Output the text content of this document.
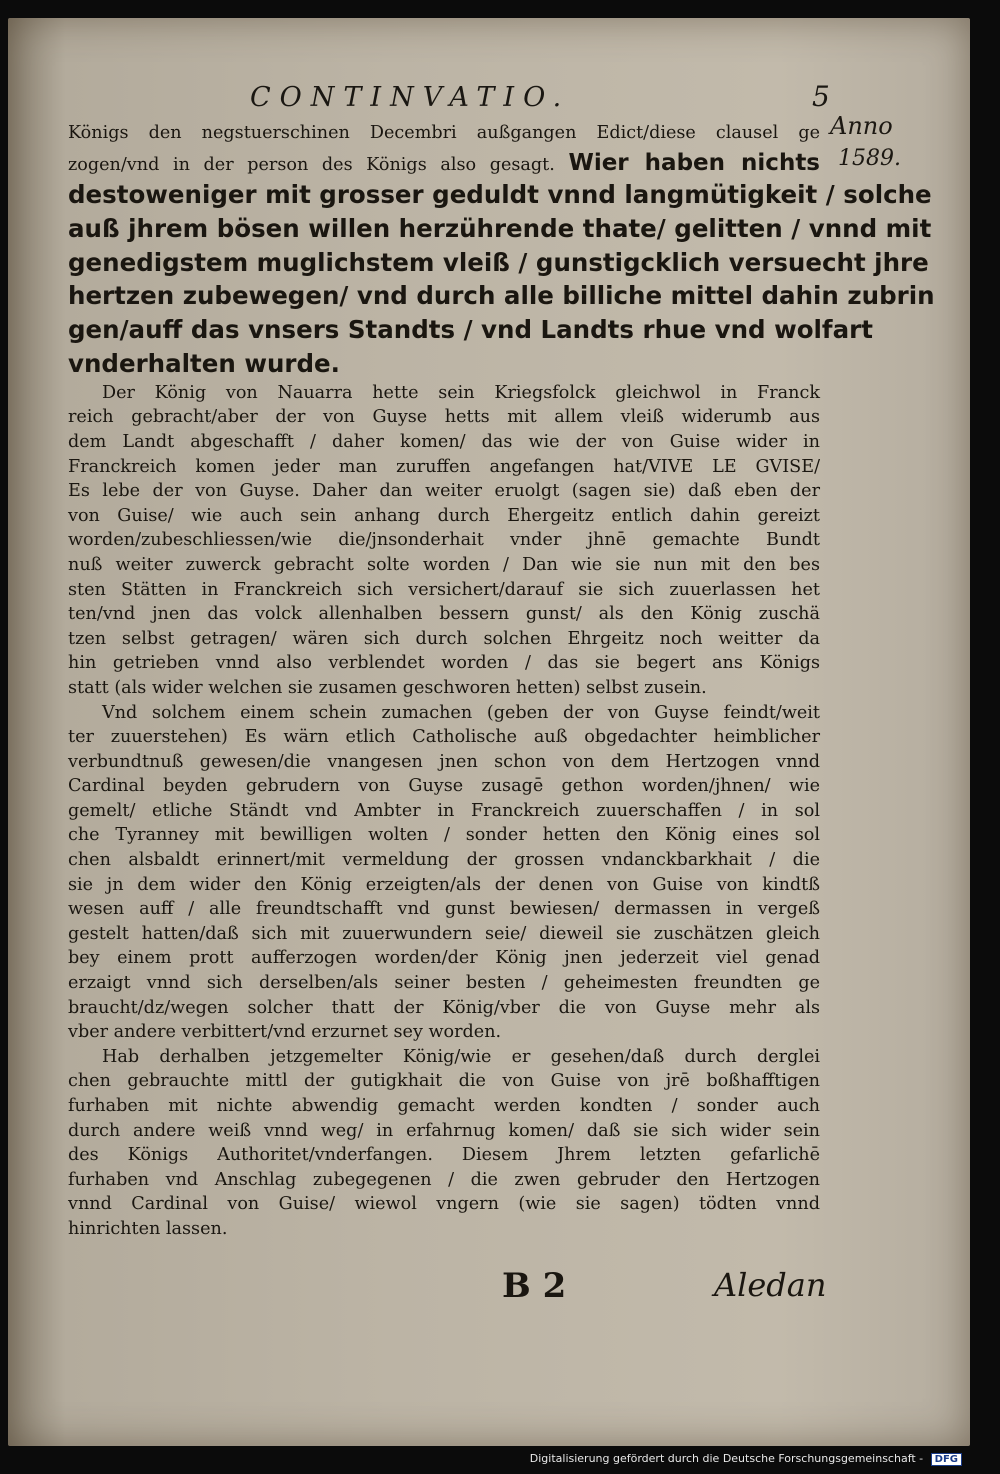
CONTINVATIO.	5
Anno
1589.
Königs den negstuerschinen Decembri außgangen Edict/diese clausel ge
zogen/vnd in der person des Königs also gesagt. Wier haben nichts
destoweniger mit grosser geduldt vnnd langmütigkeit / solche
auß jhrem bösen willen herzührende thate/ gelitten / vnnd mit
genedigstem muglichstem vleiß / gunstigcklich versuecht jhre
hertzen zubewegen/ vnd durch alle billiche mittel dahin zubrin
gen/auff das vnsers Standts / vnd Landts rhue vnd wolfart
vnderhalten wurde.
Der König von Nauarra hette sein Kriegsfolck gleichwol in Franck
reich gebracht/aber der von Guyse hetts mit allem vleiß widerumb aus
dem Landt abgeschafft / daher komen/ das wie der von Guise wider in
Franckreich komen jeder man zuruffen angefangen hat/VIVE LE GVISE/
Es lebe der von Guyse. Daher dan weiter eruolgt (sagen sie) daß eben der
von Guise/ wie auch sein anhang durch Ehergeitz entlich dahin gereizt
worden/zubeschliessen/wie die/jnsonderhait vnder jhnē gemachte Bundt
nuß weiter zuwerck gebracht solte worden / Dan wie sie nun mit den bes
sten Stätten in Franckreich sich versichert/darauf sie sich zuuerlassen het
ten/vnd jnen das volck allenhalben bessern gunst/ als den König zuschä
tzen selbst getragen/ wären sich durch solchen Ehrgeitz noch weitter da
hin getrieben vnnd also verblendet worden / das sie begert ans Königs
statt (als wider welchen sie zusamen geschworen hetten) selbst zusein.
Vnd solchem einem schein zumachen (geben der von Guyse feindt/weit
ter zuuerstehen) Es wärn etlich Catholische auß obgedachter heimblicher
verbundtnuß gewesen/die vnangesen jnen schon von dem Hertzogen vnnd
Cardinal beyden gebrudern von Guyse zusagē gethon worden/jhnen/ wie
gemelt/ etliche Ständt vnd Ambter in Franckreich zuuerschaffen / in sol
che Tyranney mit bewilligen wolten / sonder hetten den König eines sol
chen alsbaldt erinnert/mit vermeldung der grossen vndanckbarkhait / die
sie jn dem wider den König erzeigten/als der denen von Guise von kindtß
wesen auff / alle freundtschafft vnd gunst bewiesen/ dermassen in vergeß
gestelt hatten/daß sich mit zuuerwundern seie/ dieweil sie zuschätzen gleich
bey einem prott aufferzogen worden/der König jnen jederzeit viel genad
erzaigt vnnd sich derselben/als seiner besten / geheimesten freundten ge
braucht/dz/wegen solcher thatt der König/vber die von Guyse mehr als
vber andere verbittert/vnd erzurnet sey worden.
Hab derhalben jetzgemelter König/wie er gesehen/daß durch derglei
chen gebrauchte mittl der gutigkhait die von Guise von jrē boßhafftigen
furhaben mit nichte abwendig gemacht werden kondten / sonder auch
durch andere weiß vnnd weg/ in erfahrnug komen/ daß sie sich wider sein
des Königs Authoritet/vnderfangen. Diesem Jhrem letzten gefarlichē
furhaben vnd Anschlag zubegegenen / die zwen gebruder den Hertzogen
vnnd Cardinal von Guise/ wiewol vngern (wie sie sagen) tödten vnnd
hinrichten lassen.
B 2	Aledan
Digitalisierung gefördert durch die Deutsche Forschungsgemeinschaft - DFG
